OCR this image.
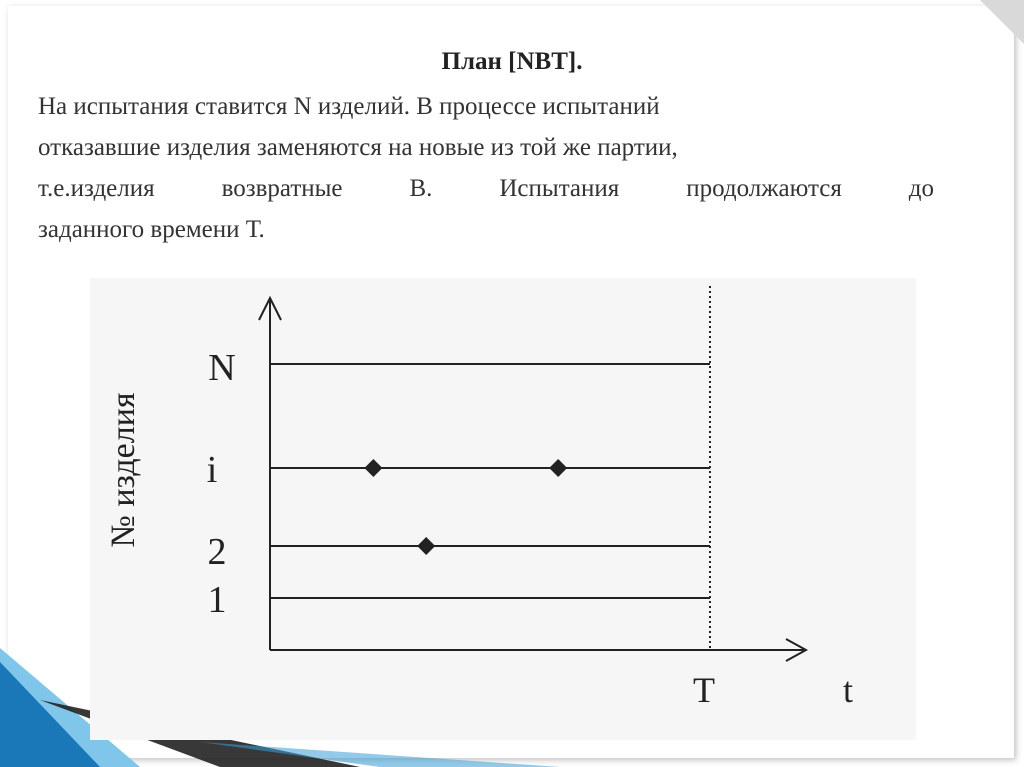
План [NBT].

На испытания ставится N изделий. В процессе испытаний

отказавшие изделия заменяются на новые из той же партии,

т.е.изделия возвратные В. Испытания продолжаются до

заданного времени Т.

№ изделия
N
i
2
1
T	t
